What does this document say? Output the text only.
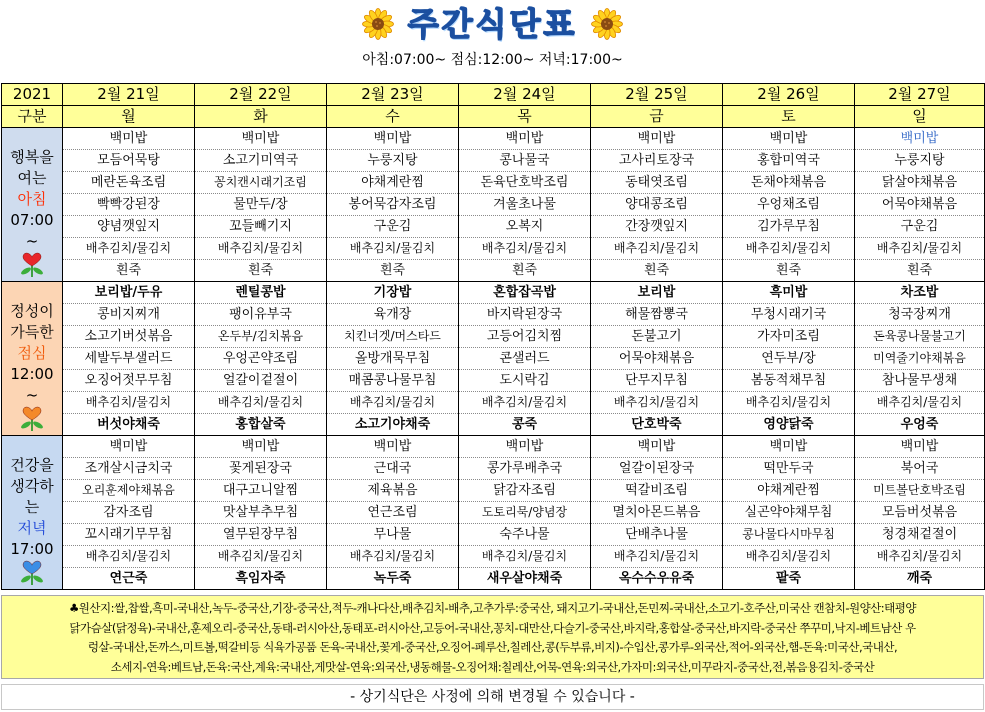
주간식단표
아침:07:00~ 점심:12:00~ 저녁:17:00~
2021	2월 21일	2월 22일	2월 23일	2월 24일	2월 25일	2월 26일	2월 27일
구분	월	화	수	목	금	토	일

행복을
여는
아침
07:00
~	백미밥	백미밥	백미밥	백미밥	백미밥	백미밥	백미밥
	모듬어묵탕	소고기미역국	누룽지탕	콩나물국	고사리토장국	홍합미역국	누룽지탕
	메란돈육조림	꽁치캔시래기조림	야채계란찜	돈육단호박조림	동태엿조림	돈채야채볶음	닭살야채볶음
	빡빡강된장	물만두/장	봉어묵감자조림	겨울초나물	양대콩조림	우엉채조림	어묵야채볶음
	양념깻잎지	꼬들빼기지	구운김	오복지	간장깻잎지	김가루무침	구운김
	배추김치/물김치	배추김치/물김치	배추김치/물김치	배추김치/물김치	배추김치/물김치	배추김치/물김치	배추김치/물김치
	흰죽	흰죽	흰죽	흰죽	흰죽	흰죽	흰죽

정성이
가득한
점심
12:00
~	보리밥/두유	렌틸콩밥	기장밥	혼합잡곡밥	보리밥	흑미밥	차조밥
	콩비지찌개	팽이유부국	육개장	바지락된장국	해물짬뽕국	무청시래기국	청국장찌개
	소고기버섯볶음	온두부/김치볶음	치킨너겟/머스타드	고등어김치찜	돈불고기	가자미조림	돈육콩나물불고기
	세발두부샐러드	우엉곤약조림	올방개묵무침	콘샐러드	어묵야채볶음	연두부/장	미역줄기야채볶음
	오징어젓무무침	얼갈이겉절이	매콤콩나물무침	도시락김	단무지무침	봄동적채무침	참나물무생채
	배추김치/물김치	배추김치/물김치	배추김치/물김치	배추김치/물김치	배추김치/물김치	배추김치/물김치	배추김치/물김치
	버섯야채죽	홍합살죽	소고기야채죽	콩죽	단호박죽	영양닭죽	우엉죽

건강을
생각하
는
저녁
17:00	백미밥	백미밥	백미밥	백미밥	백미밥	백미밥	백미밥
	조개살시금치국	꽃게된장국	근대국	콩가루배추국	얼갈이된장국	떡만두국	북어국
	오리훈제야채볶음	대구고니알찜	제육볶음	닭감자조림	떡갈비조림	야채계란찜	미트볼단호박조림
	감자조림	맛살부추무침	연근조림	도토리묵/양념장	멸치아몬드볶음	실곤약야채무침	모듬버섯볶음
	꼬시래기무무침	열무된장무침	무나물	숙주나물	단배추나물	콩나물다시마무침	청경채겉절이
	배추김치/물김치	배추김치/물김치	배추김치/물김치	배추김치/물김치	배추김치/물김치	배추김치/물김치	배추김치/물김치
	연근죽	흑임자죽	녹두죽	새우살야채죽	옥수수우유죽	팥죽	깨죽
♣원산지:쌀,찹쌀,흑미-국내산,녹두-중국산,기장-중국산,적두-캐나다산,배추김치-배추,고추가루:중국산, 돼지고기-국내산,돈민찌-국내산,소고기-호주산,미국산 캔참치-원양산:태평양
닭가슴살(닭정육)-국내산,훈제오리-중국산,동태-러시아산,동태포-러시아산,고등어-국내산,꽁치-대만산,다슬기-중국산,바지락,홍합살-중국산,바지락-중국산 쭈꾸미,낙지-베트남산 우
렁살-국내산,돈까스,미트볼,떡갈비등 식육가공품 돈육-국내산,꽃게-중국산,오징어-페루산,칠레산,콩(두부류,비지)-수입산,콩가루-외국산,적어-외국산,햄-돈육:미국산,국내산,
소세지-연육:베트남,돈육:국산,계육:국내산,게맛살-연육:외국산,냉동해물-오징어채:칠레산,어묵-연육:외국산,가자미:외국산,미꾸라지-중국산,전,볶음용김치-중국산
- 상기식단은 사정에 의해 변경될 수 있습니다 -
